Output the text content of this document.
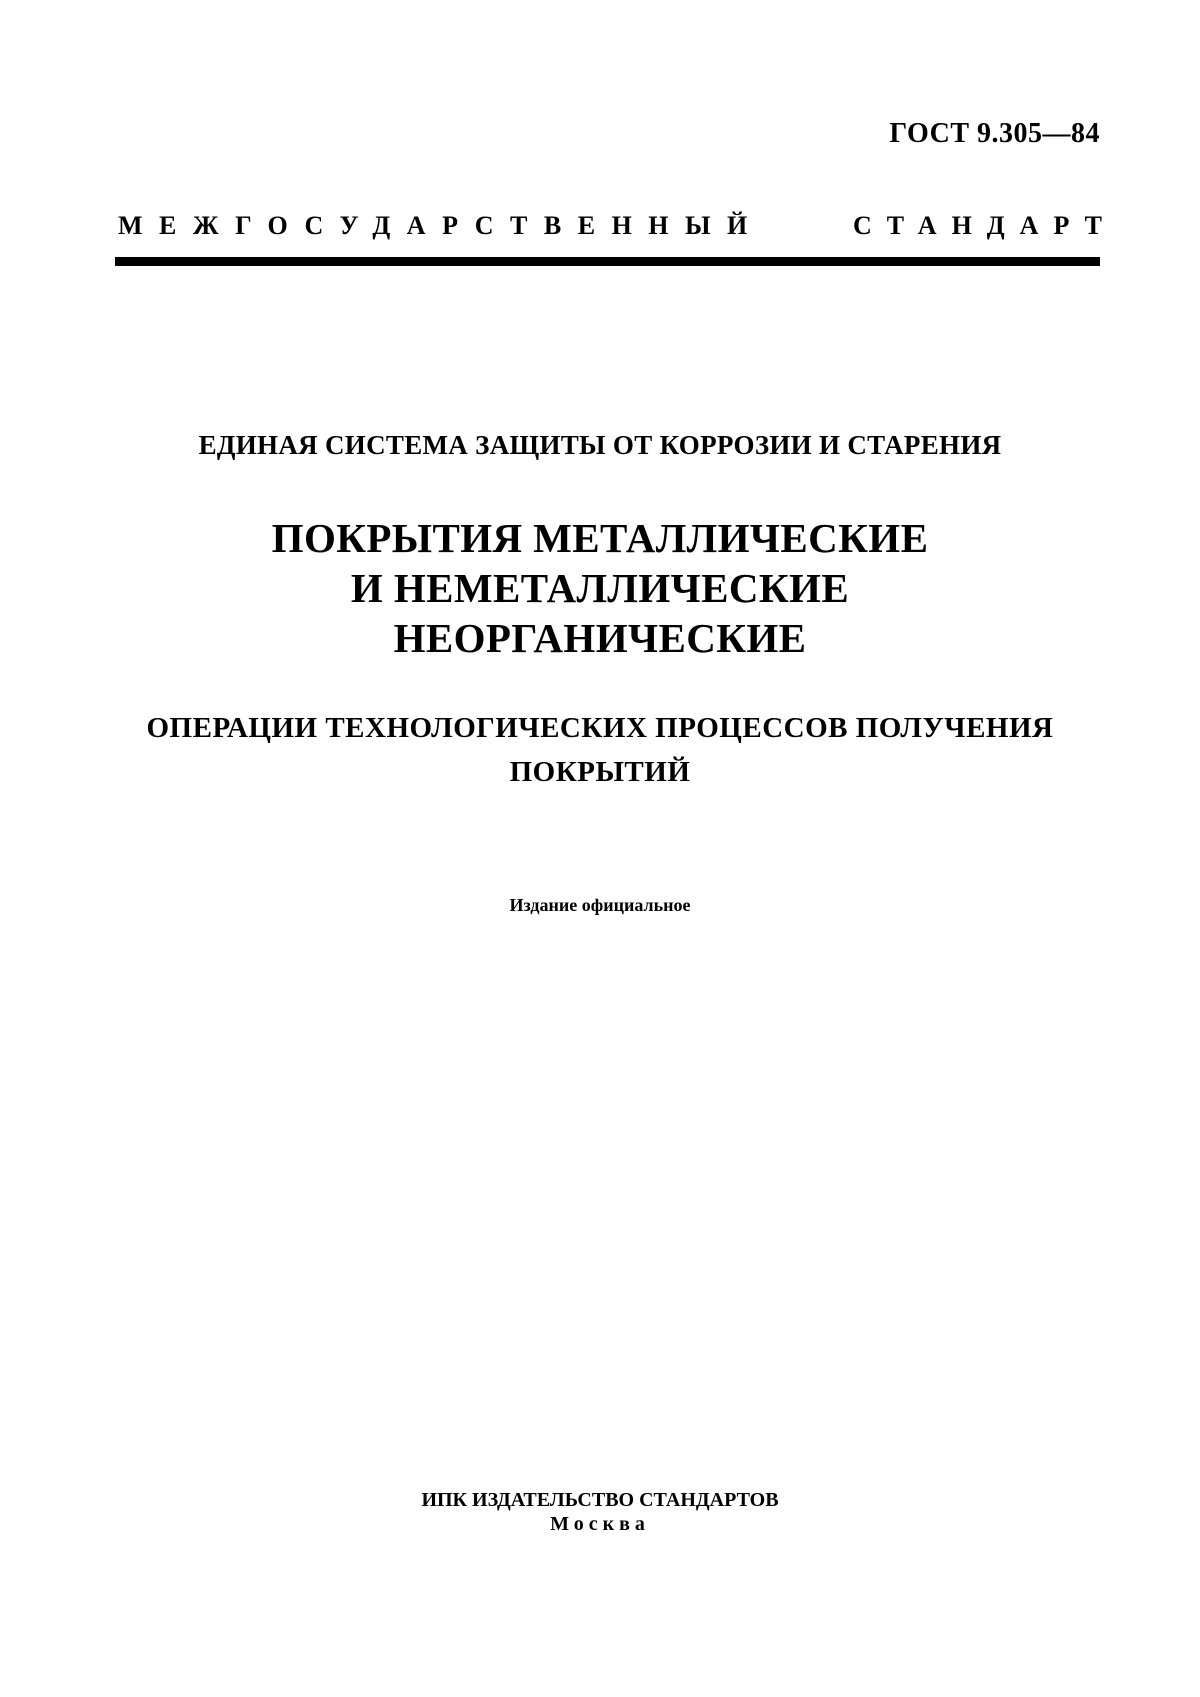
ГОСТ 9.305—84
МЕЖГОСУДАРСТВЕННЫЙ	СТАНДАРТ
ЕДИНАЯ СИСТЕМА ЗАЩИТЫ ОТ КОРРОЗИИ И СТАРЕНИЯ
ПОКРЫТИЯ МЕТАЛЛИЧЕСКИЕ
И НЕМЕТАЛЛИЧЕСКИЕ
НЕОРГАНИЧЕСКИЕ
ОПЕРАЦИИ ТЕХНОЛОГИЧЕСКИХ ПРОЦЕССОВ ПОЛУЧЕНИЯ
ПОКРЫТИЙ
Издание официальное
ИПК ИЗДАТЕЛЬСТВО СТАНДАРТОВ
Москва
